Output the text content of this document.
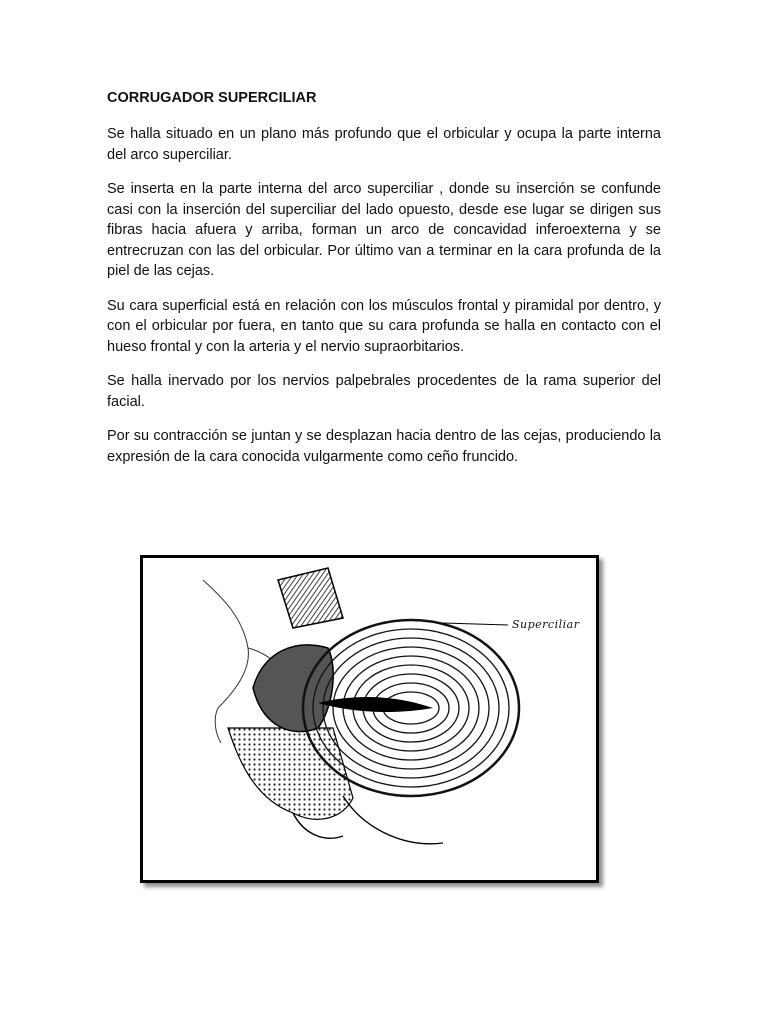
CORRUGADOR SUPERCILIAR

Se halla situado en un plano más profundo que el orbicular y ocupa la parte interna del arco superciliar.

Se inserta en la parte interna del arco superciliar , donde su inserción se confunde casi con la inserción del superciliar del lado opuesto, desde ese lugar se dirigen sus fibras hacia afuera y arriba, forman un arco de concavidad inferoexterna y se entrecruzan con las del orbicular. Por último van a terminar en la cara profunda de la piel de las cejas.

Su cara superficial está en relación con los músculos frontal y piramidal por dentro, y con el orbicular por fuera, en tanto que su cara profunda se halla en contacto con el hueso frontal y con la arteria y el nervio supraorbitarios.

Se halla inervado por los nervios palpebrales procedentes de la rama superior del facial.

Por su contracción se juntan y se desplazan hacia dentro de las cejas, produciendo la expresión de la cara conocida vulgarmente como ceño fruncido.

Superciliar
